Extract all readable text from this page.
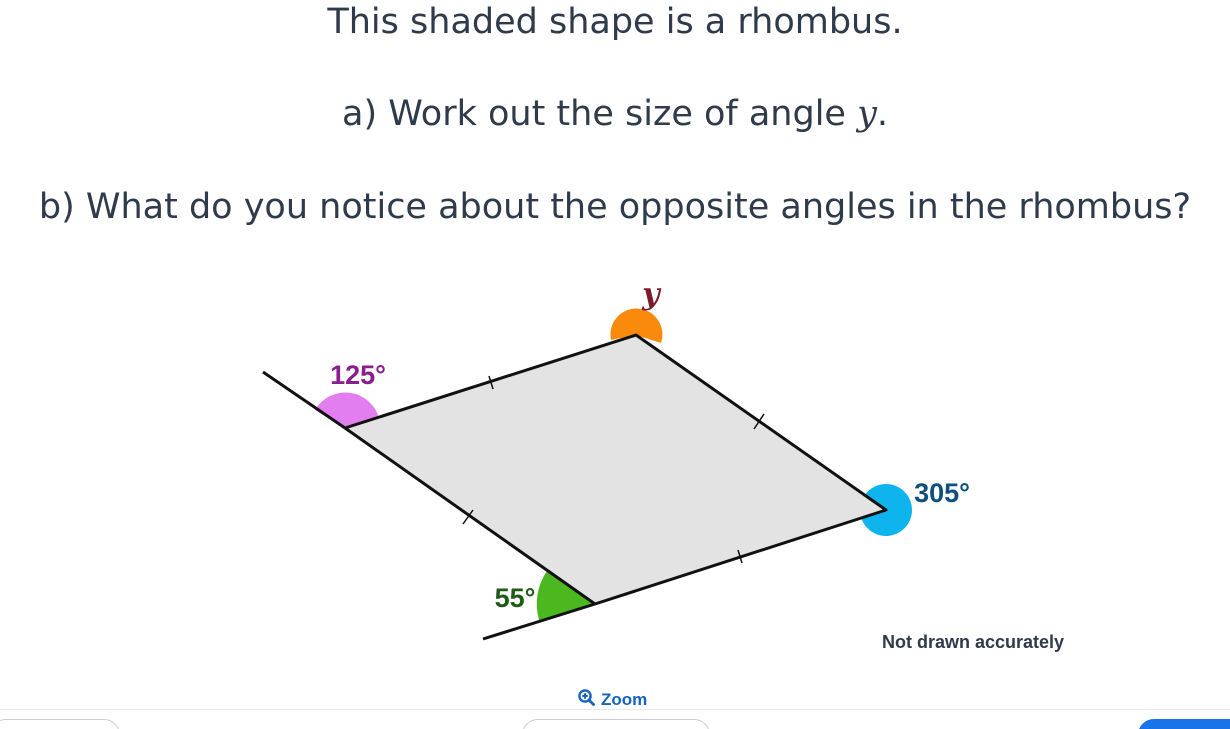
This shaded shape is a rhombus.
a) Work out the size of angle y.
b) What do you notice about the opposite angles in the rhombus?
y
125°
55°
305°
Not drawn accurately
Zoom
